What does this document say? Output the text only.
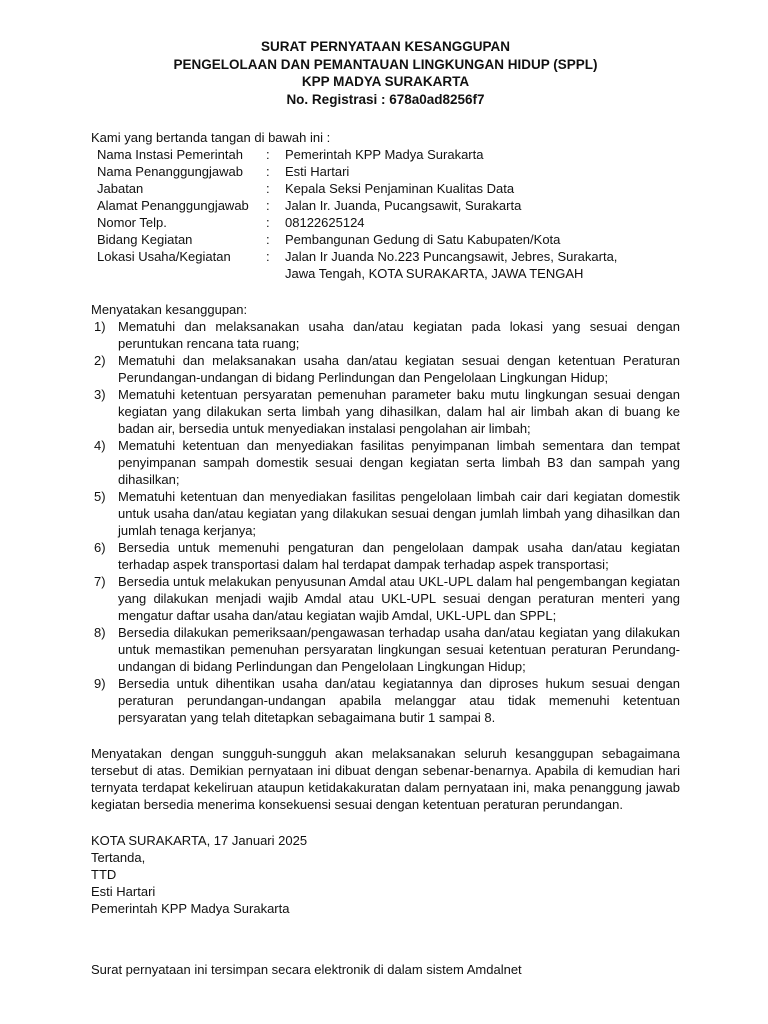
SURAT PERNYATAAN KESANGGUPAN
PENGELOLAAN DAN PEMANTAUAN LINGKUNGAN HIDUP (SPPL)
KPP MADYA SURAKARTA
No. Registrasi : 678a0ad8256f7
Kami yang bertanda tangan di bawah ini :
Nama Instasi Pemerintah	:	Pemerintah KPP Madya Surakarta
Nama Penanggungjawab	:	Esti Hartari
Jabatan	:	Kepala Seksi Penjaminan Kualitas Data
Alamat Penanggungjawab	:	Jalan Ir. Juanda, Pucangsawit, Surakarta
Nomor Telp.	:	08122625124
Bidang Kegiatan	:	Pembangunan Gedung di Satu Kabupaten/Kota
Lokasi Usaha/Kegiatan	:	Jalan Ir Juanda No.223 Puncangsawit, Jebres, Surakarta, Jawa Tengah, KOTA SURAKARTA, JAWA TENGAH
Menyatakan kesanggupan:
1) Mematuhi dan melaksanakan usaha dan/atau kegiatan pada lokasi yang sesuai dengan peruntukan rencana tata ruang;
2) Mematuhi dan melaksanakan usaha dan/atau kegiatan sesuai dengan ketentuan Peraturan Perundangan-undangan di bidang Perlindungan dan Pengelolaan Lingkungan Hidup;
3) Mematuhi ketentuan persyaratan pemenuhan parameter baku mutu lingkungan sesuai dengan kegiatan yang dilakukan serta limbah yang dihasilkan, dalam hal air limbah akan di buang ke badan air, bersedia untuk menyediakan instalasi pengolahan air limbah;
4) Mematuhi ketentuan dan menyediakan fasilitas penyimpanan limbah sementara dan tempat penyimpanan sampah domestik sesuai dengan kegiatan serta limbah B3 dan sampah yang dihasilkan;
5) Mematuhi ketentuan dan menyediakan fasilitas pengelolaan limbah cair dari kegiatan domestik untuk usaha dan/atau kegiatan yang dilakukan sesuai dengan jumlah limbah yang dihasilkan dan jumlah tenaga kerjanya;
6) Bersedia untuk memenuhi pengaturan dan pengelolaan dampak usaha dan/atau kegiatan terhadap aspek transportasi dalam hal terdapat dampak terhadap aspek transportasi;
7) Bersedia untuk melakukan penyusunan Amdal atau UKL-UPL dalam hal pengembangan kegiatan yang dilakukan menjadi wajib Amdal atau UKL-UPL sesuai dengan peraturan menteri yang mengatur daftar usaha dan/atau kegiatan wajib Amdal, UKL-UPL dan SPPL;
8) Bersedia dilakukan pemeriksaan/pengawasan terhadap usaha dan/atau kegiatan yang dilakukan untuk memastikan pemenuhan persyaratan lingkungan sesuai ketentuan peraturan Perundang-undangan di bidang Perlindungan dan Pengelolaan Lingkungan Hidup;
9) Bersedia untuk dihentikan usaha dan/atau kegiatannya dan diproses hukum sesuai dengan peraturan perundangan-undangan apabila melanggar atau tidak memenuhi ketentuan persyaratan yang telah ditetapkan sebagaimana butir 1 sampai 8.
Menyatakan dengan sungguh-sungguh akan melaksanakan seluruh kesanggupan sebagaimana tersebut di atas. Demikian pernyataan ini dibuat dengan sebenar-benarnya. Apabila di kemudian hari ternyata terdapat kekeliruan ataupun ketidakakuratan dalam pernyataan ini, maka penanggung jawab kegiatan bersedia menerima konsekuensi sesuai dengan ketentuan peraturan perundangan.
KOTA SURAKARTA, 17 Januari 2025
Tertanda,
TTD
Esti Hartari
Pemerintah KPP Madya Surakarta
Surat pernyataan ini tersimpan secara elektronik di dalam sistem Amdalnet
